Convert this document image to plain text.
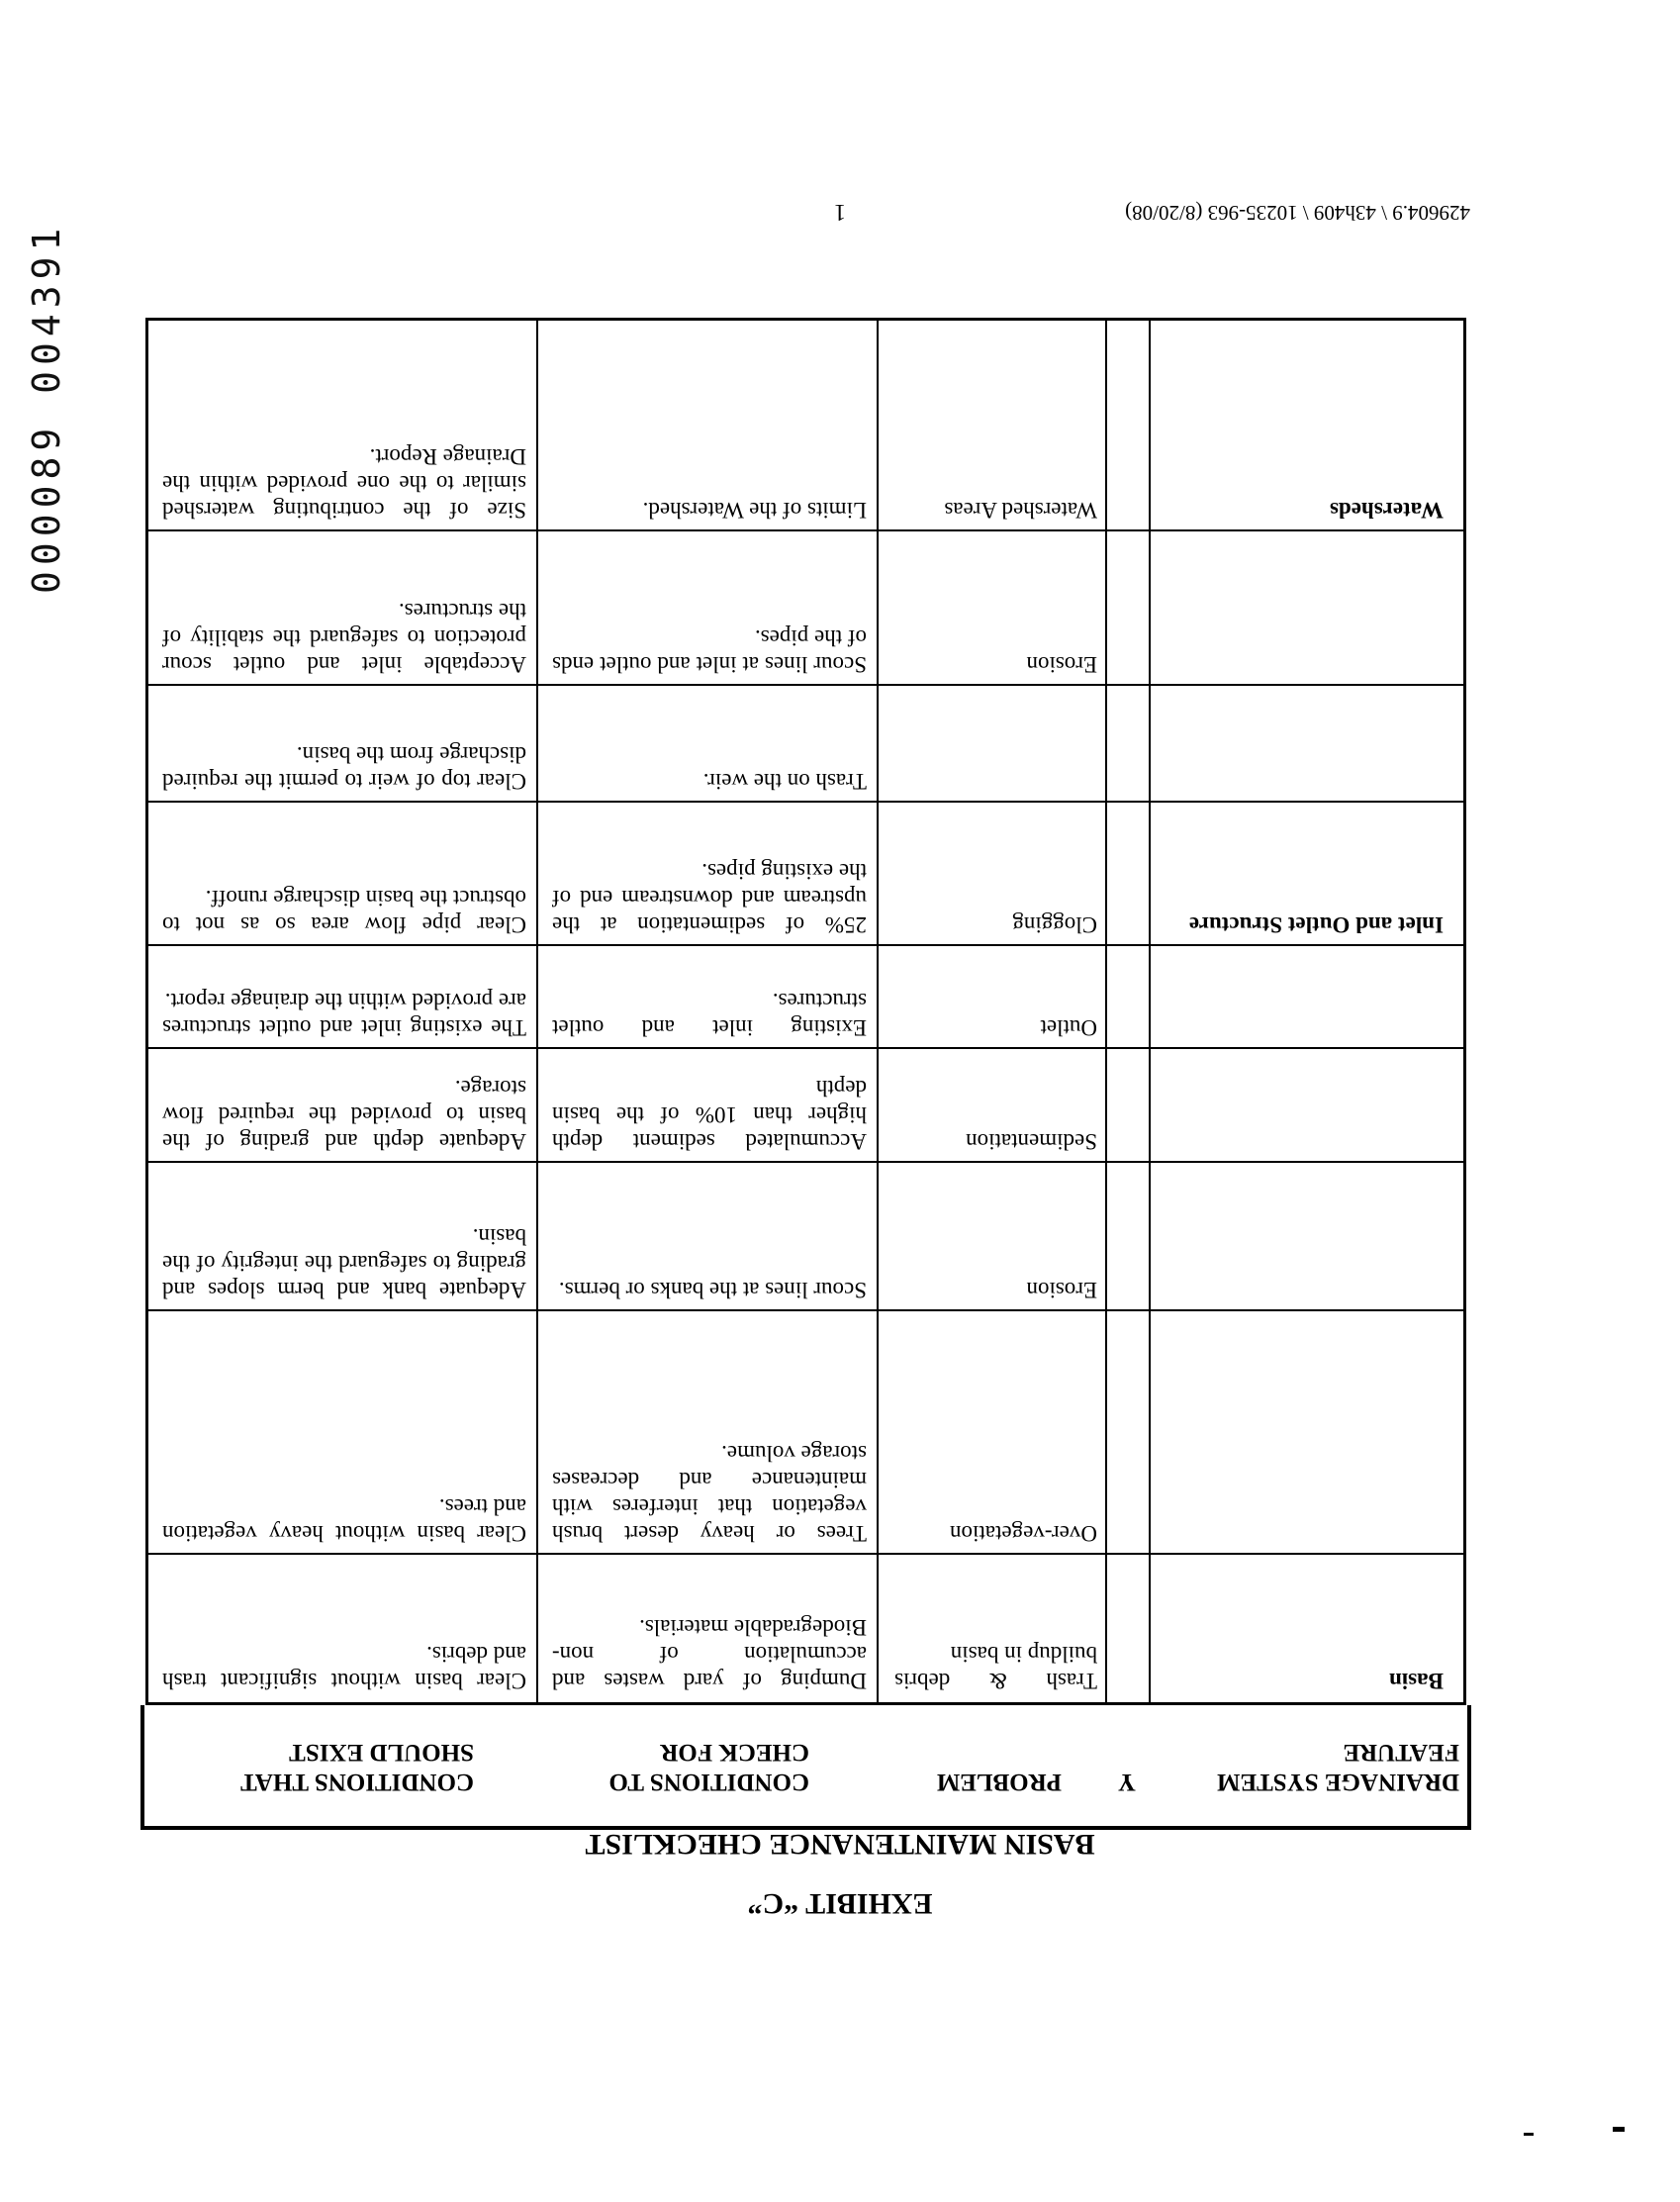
EXHIBIT “C”
BASIN MAINTENANCE CHECKLIST
DRAINAGE SYSTEM FEATURE
Y
PROBLEM
CONDITIONS TO CHECK FOR
CONDITIONS THAT SHOULD EXIST
Basin
Trash & debris buildup in basin
Dumping of yard wastes and accumulation of non-Biodegradable materials.
Clear basin without significant trash and debris.
Over-vegetation
Trees or heavy desert brush vegetation that interferes with maintenance and decreases storage volume.
Clear basin without heavy vegetation and trees.
Erosion
Scour lines at the banks or berms.
Adequate bank and berm slopes and grading to safeguard the integrity of the basin.
Sedimentation
Accumulated sediment depth higher than 10% of the basin depth
Adequate depth and grading of the basin to provided the required flow storage.
Outlet
Existing inlet and outlet structures.
The existing inlet and outlet structures are provided within the drainage report.
Inlet and Outlet Structure
Clogging
25% of sedimentation at the upstream and downstream end of the existing pipes.
Clear pipe flow area so as not to obstruct the basin discharge runoff.
Trash on the weir.
Clear top of weir to permit the required discharge from the basin.
Erosion
Scour lines at inlet and outlet ends of the pipes.
Acceptable inlet and outlet scour protection to safeguard the stability of the structures.
Watersheds
Watershed Areas
Limits of the Watershed.
Size of the contributing watershed similar to the one provided within the Drainage Report.
1	429604.9 \ 43h409 \ 10235-963 (8/20/08)
000089 004391
